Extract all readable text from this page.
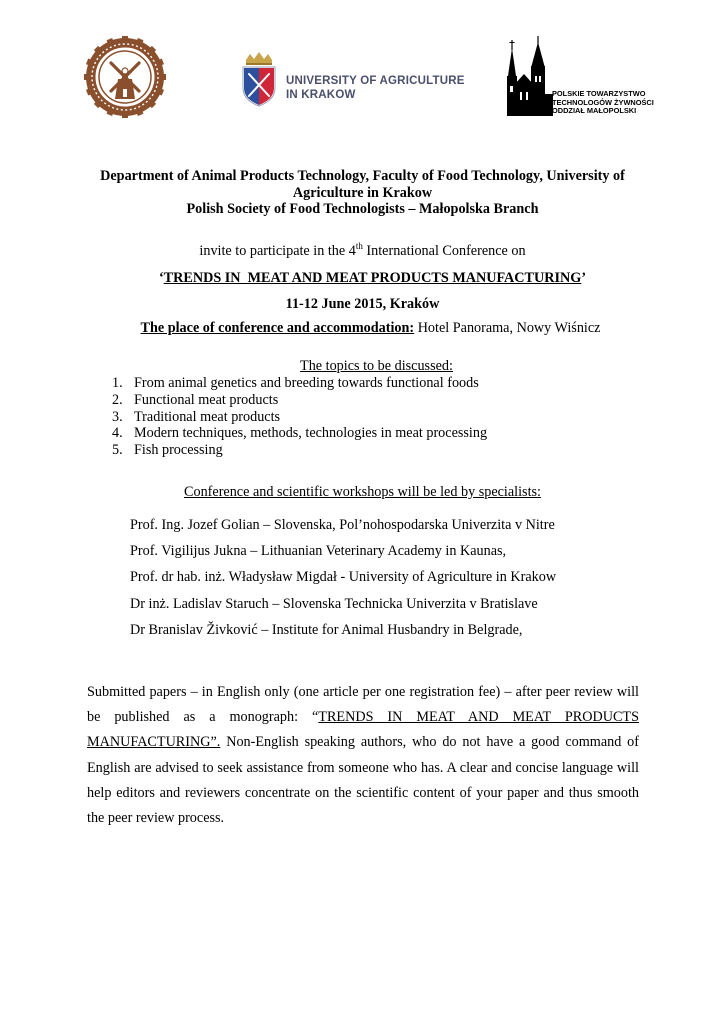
UNIVERSITY OF AGRICULTURE
IN KRAKOW	POLSKIE TOWARZYSTWO
TECHNOLOGÓW ŻYWNOŚCI
ODDZIAŁ MAŁOPOLSKI
Department of Animal Products Technology, Faculty of Food Technology, University of
Agriculture in Krakow
Polish Society of Food Technologists – Małopolska Branch
invite to participate in the 4th International Conference on
‘TRENDS IN  MEAT AND MEAT PRODUCTS MANUFACTURING’
11-12 June 2015, Kraków
The place of conference and accommodation: Hotel Panorama, Nowy Wiśnicz
The topics to be discussed:
1. From animal genetics and breeding towards functional foods
2. Functional meat products
3. Traditional meat products
4. Modern techniques, methods, technologies in meat processing
5. Fish processing
Conference and scientific workshops will be led by specialists:
Prof. Ing. Jozef Golian – Slovenska, Pol’nohospodarska Univerzita v Nitre
Prof. Vigilijus Jukna – Lithuanian Veterinary Academy in Kaunas,
Prof. dr hab. inż. Władysław Migdał - University of Agriculture in Krakow
Dr inż. Ladislav Staruch – Slovenska Technicka Univerzita v Bratislave
Dr Branislav Živković – Institute for Animal Husbandry in Belgrade,
Submitted papers – in English only (one article per one registration fee) – after peer review will be published as a monograph: “TRENDS IN MEAT AND MEAT PRODUCTS MANUFACTURING”. Non-English speaking authors, who do not have a good command of English are advised to seek assistance from someone who has. A clear and concise language will help editors and reviewers concentrate on the scientific content of your paper and thus smooth the peer review process.
